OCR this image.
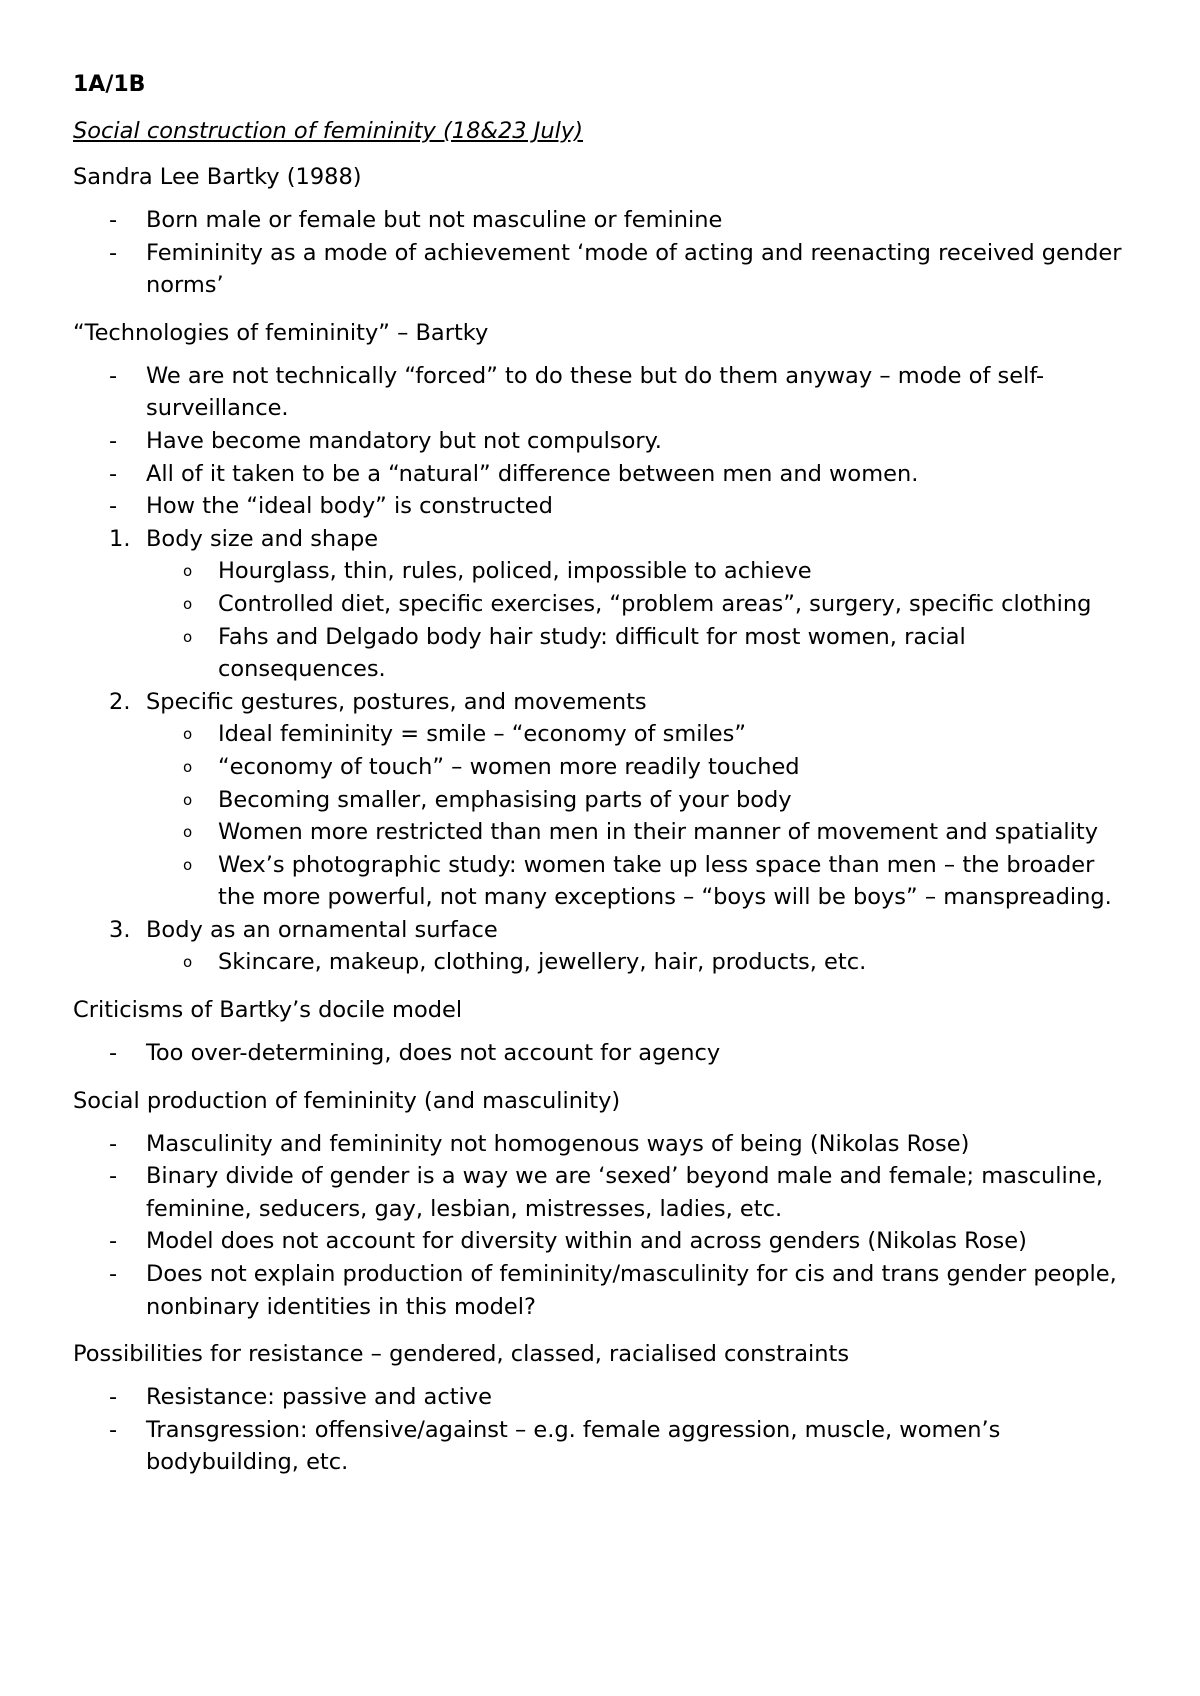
1A/1B
Social construction of femininity (18&23 July)
Sandra Lee Bartky (1988)
- Born male or female but not masculine or feminine
- Femininity as a mode of achievement ‘mode of acting and reenacting received gender norms’
“Technologies of femininity” – Bartky
- We are not technically “forced” to do these but do them anyway – mode of self-surveillance.
- Have become mandatory but not compulsory.
- All of it taken to be a “natural” difference between men and women.
- How the “ideal body” is constructed
1. Body size and shape
o Hourglass, thin, rules, policed, impossible to achieve
o Controlled diet, specific exercises, “problem areas”, surgery, specific clothing
o Fahs and Delgado body hair study: difficult for most women, racial consequences.
2. Specific gestures, postures, and movements
o Ideal femininity = smile – “economy of smiles”
o “economy of touch” – women more readily touched
o Becoming smaller, emphasising parts of your body
o Women more restricted than men in their manner of movement and spatiality
o Wex’s photographic study: women take up less space than men – the broader the more powerful, not many exceptions – “boys will be boys” – manspreading.
3. Body as an ornamental surface
o Skincare, makeup, clothing, jewellery, hair, products, etc.
Criticisms of Bartky’s docile model
- Too over-determining, does not account for agency
Social production of femininity (and masculinity)
- Masculinity and femininity not homogenous ways of being (Nikolas Rose)
- Binary divide of gender is a way we are ‘sexed’ beyond male and female; masculine, feminine, seducers, gay, lesbian, mistresses, ladies, etc.
- Model does not account for diversity within and across genders (Nikolas Rose)
- Does not explain production of femininity/masculinity for cis and trans gender people, nonbinary identities in this model?
Possibilities for resistance – gendered, classed, racialised constraints
- Resistance: passive and active
- Transgression: offensive/against – e.g. female aggression, muscle, women’s bodybuilding, etc.
